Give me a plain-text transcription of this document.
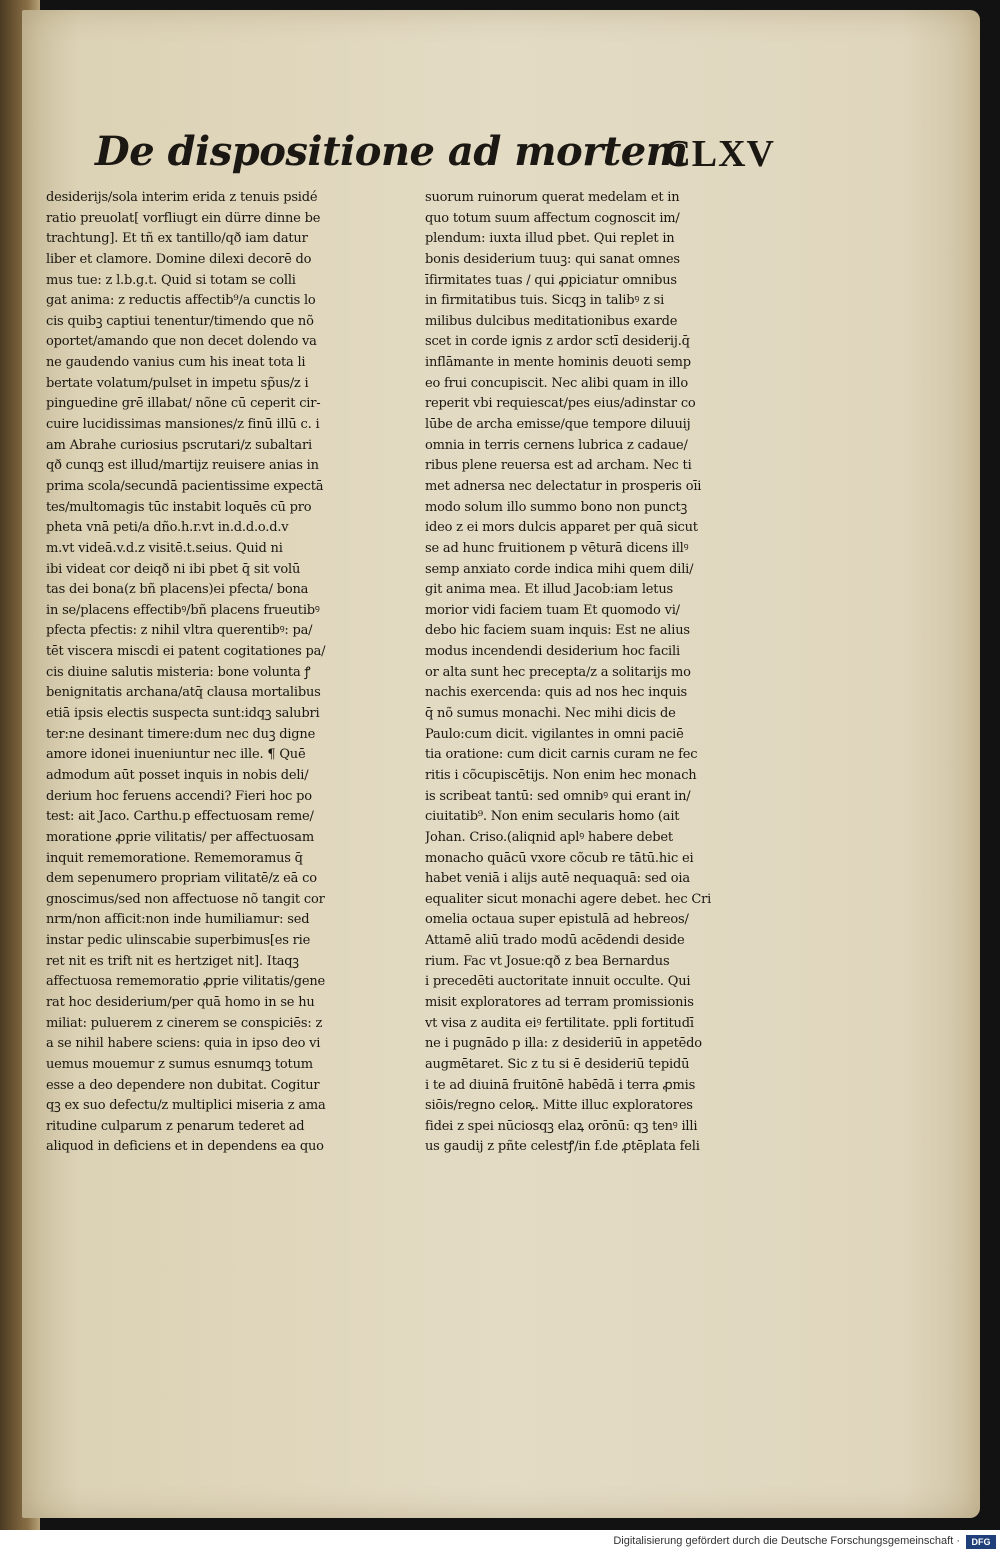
De dispositione ad mortem
CLXV
desiderijs/sola interim erida z tenuis psidé
ratio preuolat[ vorfliugt ein dürre dinne be
trachtung]. Et tñ ex tantillo/qð iam datur
liber et clamore. Domine dilexi decorē do
mus tue: z l.b.g.t. Quid si totam se colli
gat anima: z reductis affectib⁹/a cunctis lo
cis quibꝫ captiui tenentur/timendo que nõ
oportet/amando que non decet dolendo va
ne gaudendo vanius cum his ineat tota li
bertate volatum/pulset in impetu sp̃us/z i
pinguedine grē illabat/ nõne cū ceperit cir-
cuire lucidissimas mansiones/z finū illū c. i
am Abrahe curiosius pscrutari/z subaltari
qð cunqꝫ est illud/martijz reuisere anias in
prima scola/secundā pacientissime expectā
tes/multomagis tūc instabit loquēs cū pro
pheta vnā peti/a dño.h.r.vt in.d.d.o.d.v
m.vt videā.v.d.z visitē.t.seius. Quid ni
ibi videat cor deiqð ni ibi pbet q̄ sit volū
tas dei bona(z bñ placens)ei pfecta/ bona
in se/placens effectibꝰ/bñ placens frueutibꝰ
pfecta pfectis: z nihil vltra querentibꝰ: pa/
tēt viscera miscdi ei patent cogitationes pa/
cis diuine salutis misteria: bone volunta ꝭ
benignitatis archana/atq̄ clausa mortalibus
etiā ipsis electis suspecta sunt:idqꝫ salubri
ter:ne desinant timere:dum nec duꝫ digne
amore idonei inueniuntur nec ille. ¶ Quē
admodum aūt posset inquis in nobis deli/
derium hoc feruens accendi? Fieri hoc po
test: ait Jaco. Carthu.p effectuosam reme/
moratione ꝓprie vilitatis/ per affectuosam
inquit rememoratione. Rememoramus q̄
dem sepenumero propriam vilitatē/z eā co
gnoscimus/sed non affectuose nõ tangit cor
nrm/non afficit:non inde humiliamur: sed
instar pedic ulinscabie superbimus[es rie
ret nit es trift nit es hertziget nit]. Itaqꝫ
affectuosa rememoratio ꝓprie vilitatis/gene
rat hoc desiderium/per quā homo in se hu
miliat: puluerem z cinerem se conspiciēs: z
a se nihil habere sciens: quia in ipso deo vi
uemus mouemur z sumus esnumqꝫ totum
esse a deo dependere non dubitat. Cogitur
qꝫ ex suo defectu/z multiplici miseria z ama
ritudine culparum z penarum tederet ad
aliquod in deficiens et in dependens ea quo
suorum ruinorum querat medelam et in
quo totum suum affectum cognoscit im/
plendum: iuxta illud pbet. Qui replet in
bonis desiderium tuuꝫ: qui sanat omnes
īfirmitates tuas / qui ꝓpiciatur omnibus
in firmitatibus tuis. Sicqꝫ in talibꝰ z si
milibus dulcibus meditationibus exarde
scet in corde ignis z ardor sctī desiderij.q̄
inflāmante in mente hominis deuoti semp
eo frui concupiscit. Nec alibi quam in illo
reperit vbi requiescat/pes eius/adinstar co
lūbe de archa emisse/que tempore diluuij
omnia in terris cernens lubrica z cadaue/
ribus plene reuersa est ad archam. Nec ti
met adnersa nec delectatur in prosperis oīi
modo solum illo summo bono non punctꝫ
ideo z ei mors dulcis apparet per quā sicut
se ad hunc fruitionem p vēturā dicens illꝰ
semp anxiato corde indica mihi quem dili/
git anima mea. Et illud Jacob:iam letus
morior vidi faciem tuam Et quomodo vi/
debo hic faciem suam inquis: Est ne alius
modus incendendi desiderium hoc facili
or alta sunt hec precepta/z a solitarijs mo
nachis exercenda: quis ad nos hec inquis
q̄ nõ sumus monachi. Nec mihi dicis de
Paulo:cum dicit. vigilantes in omni paciē
tia oratione: cum dicit carnis curam ne fec
ritis i cõcupiscētijs. Non enim hec monach
is scribeat tantū: sed omnibꝰ qui erant in/
ciuitatib⁹. Non enim secularis homo (ait
Johan. Criso.(aliqnid aplꝰ habere debet
monacho quācū vxore cõcub re tātū.hic ei
habet veniā i alijs autē nequaquā: sed oia
equaliter sicut monachi agere debet. hec Cri
omelia octaua super epistulā ad hebreos/
Attamē aliū trado modū acēdendi deside
rium. Fac vt Josue:qð z bea Bernardus
i precedēti auctoritate innuit occulte. Qui
misit exploratores ad terram promissionis
vt visa z audita eiꝰ fertilitate. ppli fortitudī
ne i pugnādo p illa: z desideriū in appetēdo
augmētaret. Sic z tu si ē desideriū tepidū
i te ad diuinā fruitōnē habēdā i terra ꝓmis
siōis/regno celoꝶ. Mitte illuc exploratores
fidei z spei nūciosqꝫ elaꝝ orōnū: qꝫ tenꝰ illi
us gaudij z pñte celestꝭ/in f.de ꝓtēplata feli
Digitalisierung gefördert durch die Deutsche Forschungsgemeinschaft ·	DFG
